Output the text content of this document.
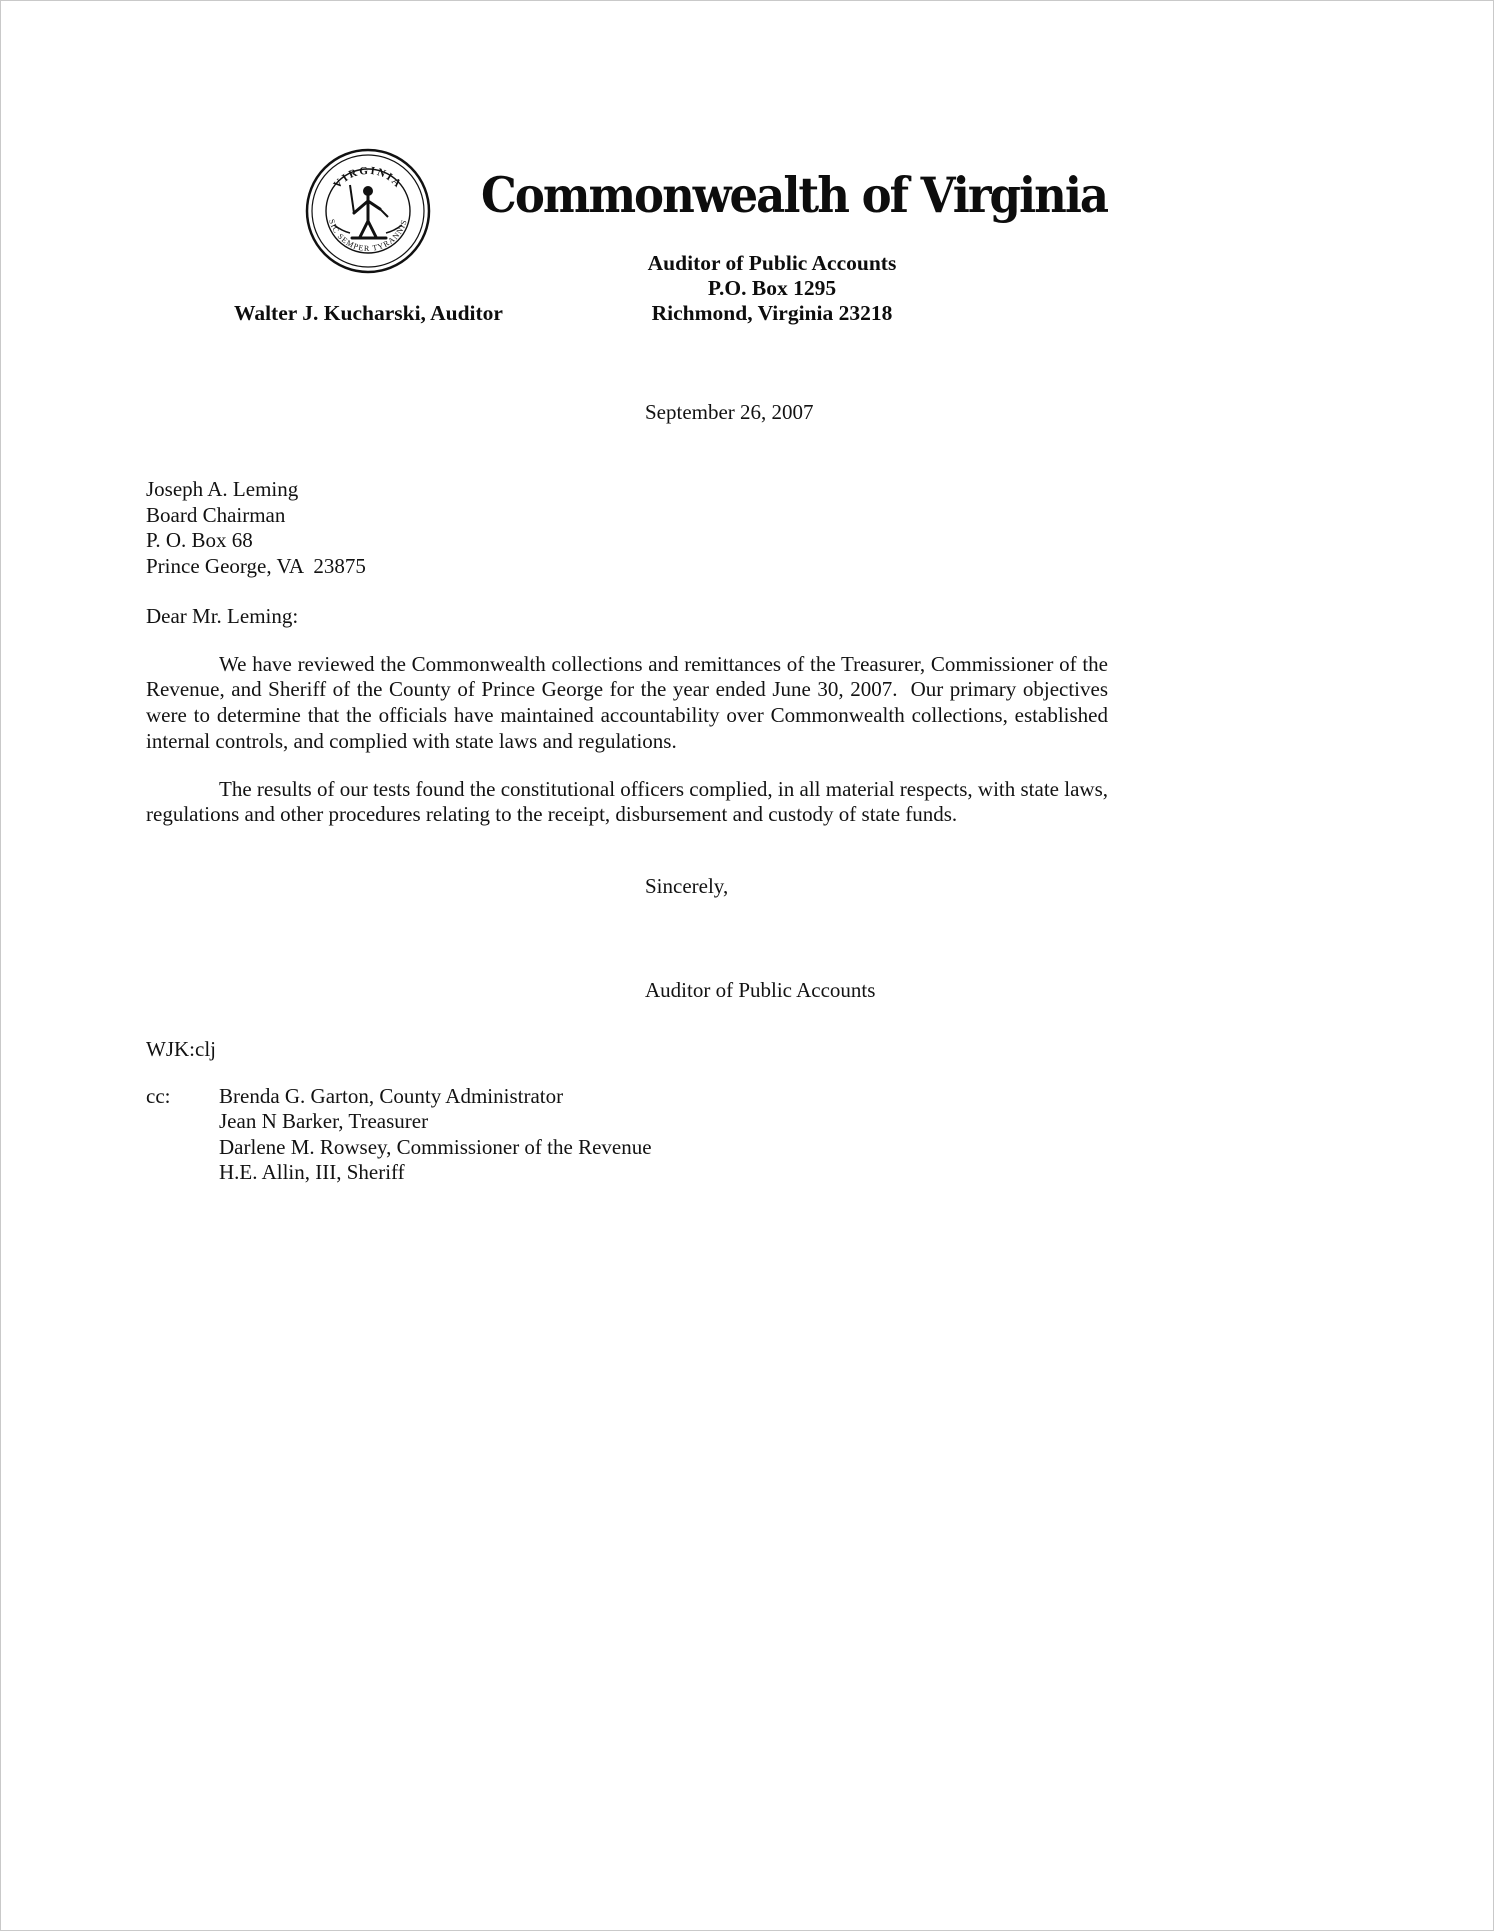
VIRGINIA
SIC SEMPER TYRANNIS Commonwealth of Virginia
Auditor of Public Accounts
P.O. Box 1295
Richmond, Virginia 23218
Walter J. Kucharski, Auditor
September 26, 2007
Joseph A. Leming
Board Chairman
P. O. Box 68
Prince George, VA  23875
Dear Mr. Leming:
We have reviewed the Commonwealth collections and remittances of the Treasurer, Commissioner of the Revenue, and Sheriff of the County of Prince George for the year ended June 30, 2007.  Our primary objectives were to determine that the officials have maintained accountability over Commonwealth collections, established internal controls, and complied with state laws and regulations.
The results of our tests found the constitutional officers complied, in all material respects, with state laws, regulations and other procedures relating to the receipt, disbursement and custody of state funds.
Sincerely,
Auditor of Public Accounts
WJK:clj
cc:	Brenda G. Garton, County Administrator
Jean N Barker, Treasurer
Darlene M. Rowsey, Commissioner of the Revenue
H.E. Allin, III, Sheriff
